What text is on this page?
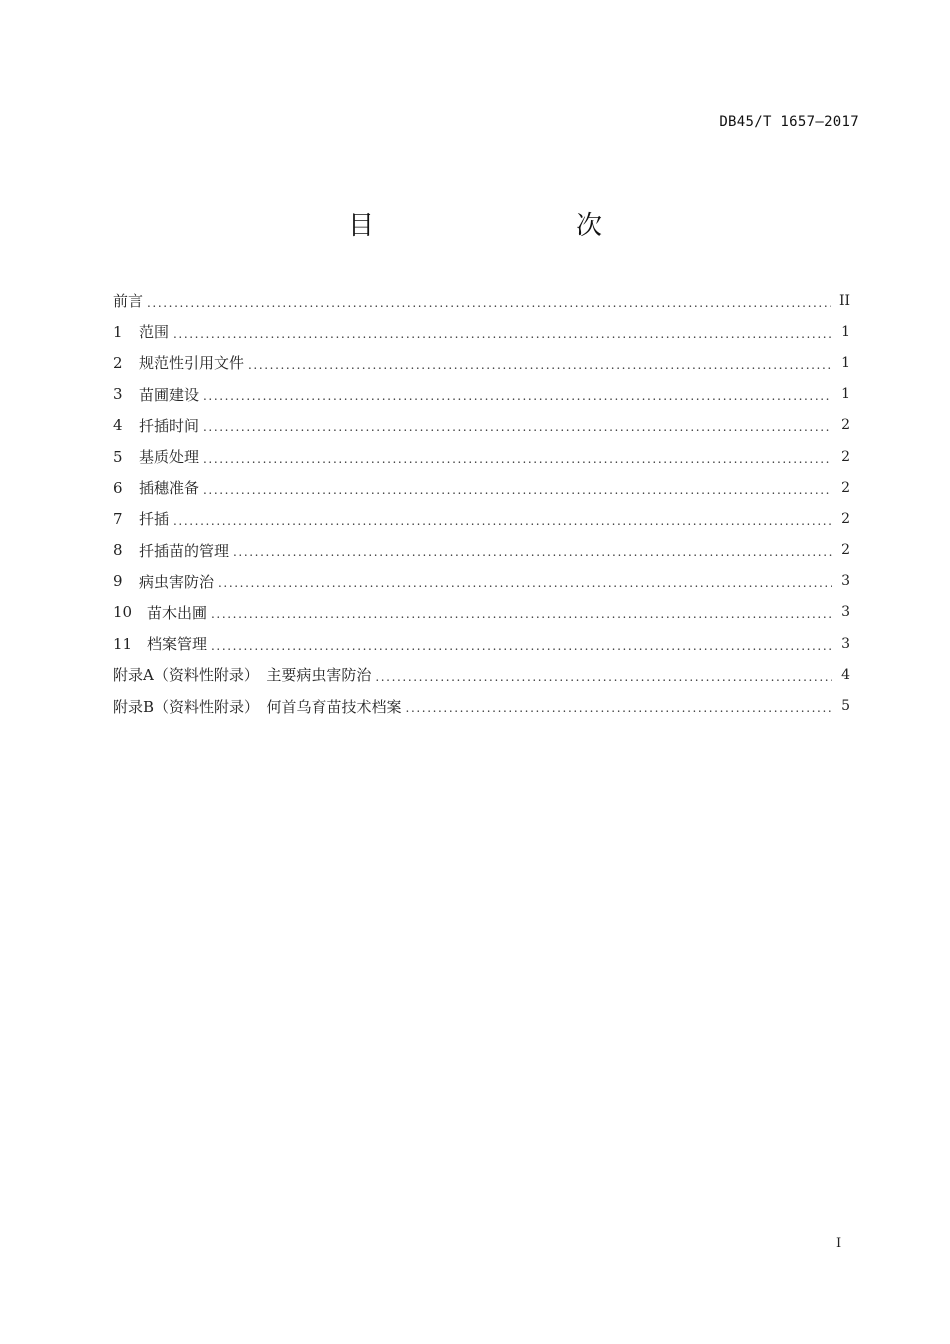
DB45/T 1657—2017
目　　次
前言 .....	II
1	范围 .....	1
2	规范性引用文件 .....	1
3	苗圃建设 .....	1
4	扦插时间 .....	2
5	基质处理 .....	2
6	插穗准备 .....	2
7	扦插 .....	2
8	扦插苗的管理 .....	2
9	病虫害防治 .....	3
10 苗木出圃 .....	3
11 档案管理 .....	3
附录A（资料性附录）　主要病虫害防治 .....	4
附录B（资料性附录）　何首乌育苗技术档案 .....	5
I
